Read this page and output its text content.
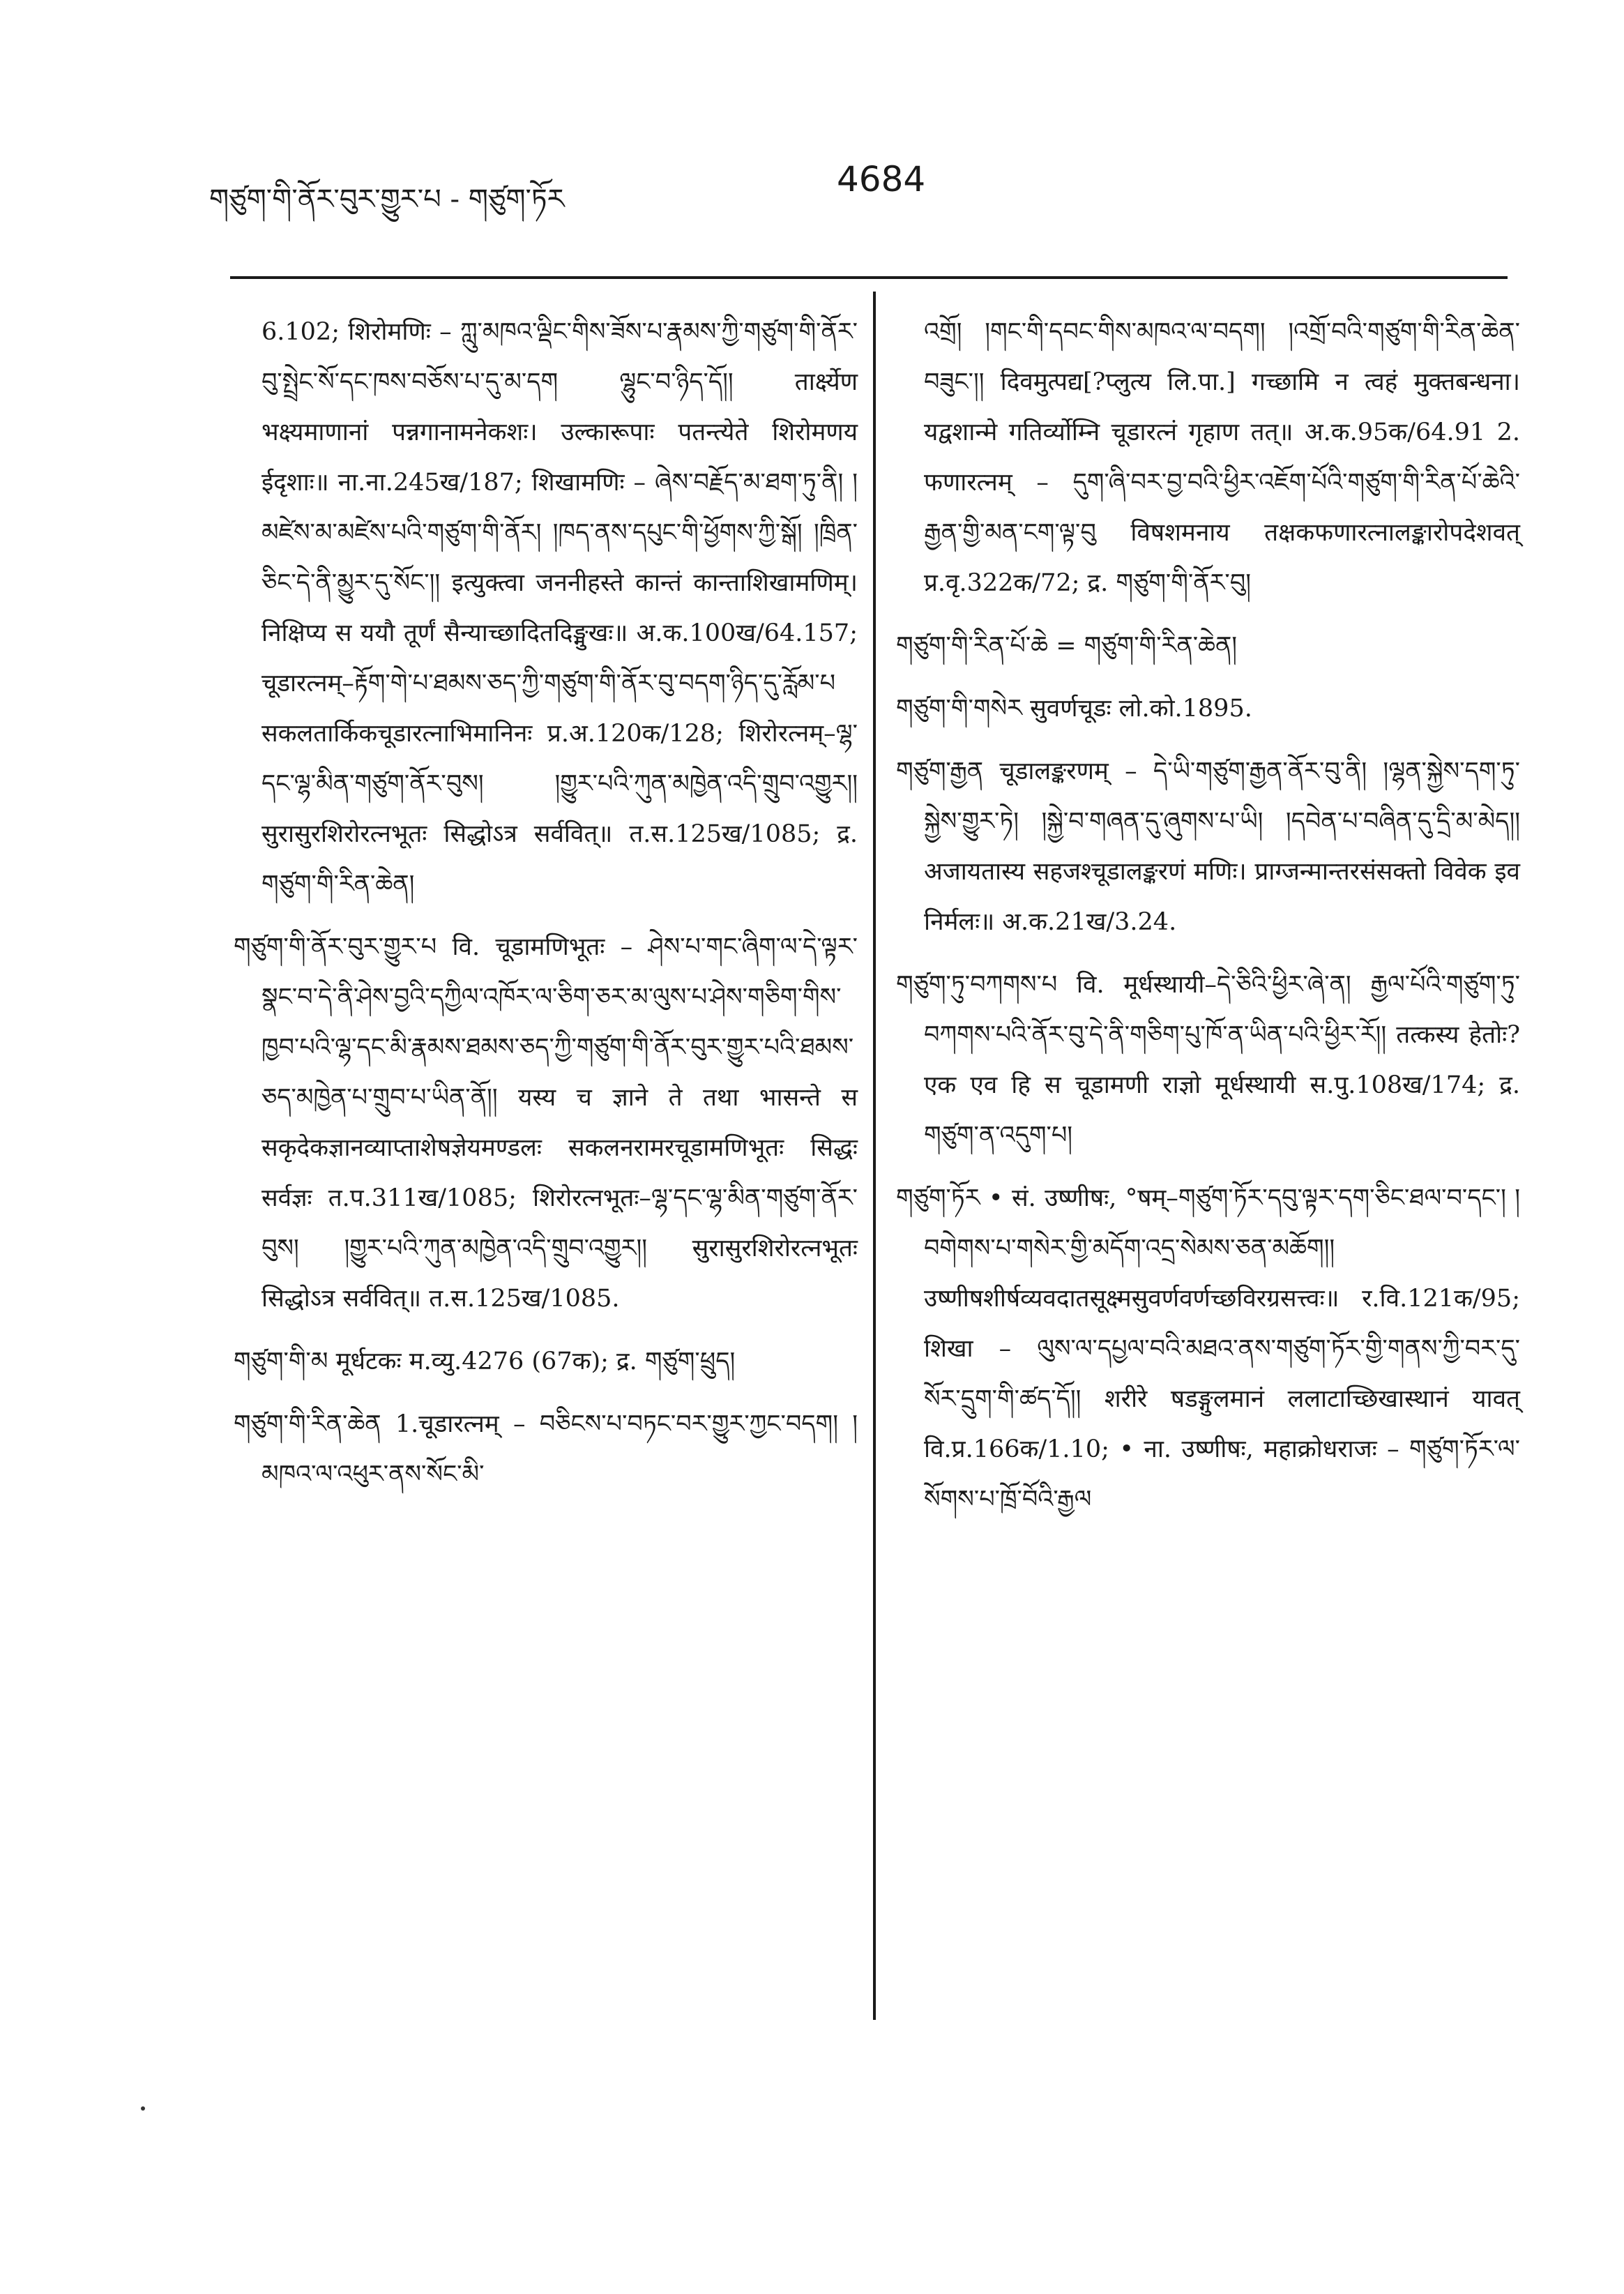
གཙུག་གི་ནོར་བུར་གྱུར་པ - གཙུག་ཏོར	4684

6.102; शिरोमणिः – ཀླུ་མཁའ་ལྡིང་གིས་ཟོས་པ་རྣམས་ཀྱི་གཙུག་གི་ནོར་བུ་སྤྲེང་སོ་དང་ཁས་བཅོས་པ་དུ་མ་དག ལྷུང་བ་ཉིད་དོ།། तार्क्ष्येण भक्ष्यमाणानां पन्नगानामनेकशः। उल्कारूपाः पतन्त्येते शिरोमणय ईदृशाः॥ ना.ना.245ख/187; शिखामणिः – ཞེས་བརྗོད་མ་ཐག་ཏུ་ནི། །མཛེས་མ་མཛེས་པའི་གཙུག་གི་ནོར། །ཁད་ནས་དཔུང་གི་ཕྱོགས་ཀྱི་སྒོ། །ཁྲིན་ཅིང་དེ་ནི་མྱུར་དུ་སོང་།། इत्युक्त्वा जननीहस्ते कान्तं कान्ताशिखामणिम्। निक्षिप्य स ययौ तूर्णं सैन्याच्छादितदिङ्मुखः॥ अ.क.100ख/64.157; चूडारत्नम्–རྟོག་གེ་པ་ཐམས་ཅད་ཀྱི་གཙུག་གི་ནོར་བུ་བདག་ཉིད་དུ་རློམ་པ सकलतार्किकचूडारत्नाभिमानिनः प्र.अ.120क/128; शिरोरत्नम्–ལྷ་དང་ལྷ་མིན་གཙུག་ནོར་བུས། །གྱུར་པའི་ཀུན་མཁྱེན་འདི་གྲུབ་འགྱུར།། सुरासुरशिरोरत्नभूतः सिद्धोऽत्र सर्ववित्॥ त.स.125ख/1085; द्र. གཙུག་གི་རིན་ཆེན།

གཙུག་གི་ནོར་བུར་གྱུར་པ वि. चूडामणिभूतः – ཤེས་པ་གང་ཞིག་ལ་དེ་ལྟར་སྣང་བ་དེ་ནི་ཤེས་བྱའི་དཀྱིལ་འཁོར་ལ་ཅིག་ཅར་མ་ལུས་པ་ཤེས་གཅིག་གིས་ཁྱབ་པའི་ལྷ་དང་མི་རྣམས་ཐམས་ཅད་ཀྱི་གཙུག་གི་ནོར་བུར་གྱུར་པའི་ཐམས་ཅད་མཁྱེན་པ་གྲུབ་པ་ཡིན་ནོ།། यस्य च ज्ञाने ते तथा भासन्ते स सकृदेकज्ञानव्याप्ताशेषज्ञेयमण्डलः सकलनरामरचूडामणिभूतः सिद्धः सर्वज्ञः त.प.311ख/1085; शिरोरत्नभूतः–ལྷ་དང་ལྷ་མིན་གཙུག་ནོར་བུས། །གྱུར་པའི་ཀུན་མཁྱེན་འདི་གྲུབ་འགྱུར།། सुरासुरशिरोरत्नभूतः सिद्धोऽत्र सर्ववित्॥ त.स.125ख/1085.

གཙུག་གི་མ मूर्धटकः म.व्यु.4276 (67क); द्र. གཙུག་ཕྲུད།

གཙུག་གི་རིན་ཆེན 1.चूडारत्नम् – བཅིངས་པ་བཏང་བར་གྱུར་ཀྱང་བདག། །མཁའ་ལ་འཕུར་ནས་སོང་མི་

འགྲོ། །གང་གི་དབང་གིས་མཁའ་ལ་བདག། །འགྲོ་བའི་གཙུག་གི་རིན་ཆེན་བཟུང་།། दिवमुत्पद्य[?प्लुत्य लि.पा.] गच्छामि न त्वहं मुक्तबन्धना। यद्वशान्मे गतिर्व्योम्नि चूडारत्नं गृहाण तत्॥ अ.क.95क/64.91 2. फणारत्नम् – དུག་ཞི་བར་བྱ་བའི་ཕྱིར་འཇོག་པོའི་གཙུག་གི་རིན་པོ་ཆེའི་རྒྱན་གྱི་མན་ངག་ལྟ་བུ विषशमनाय तक्षकफणारत्नालङ्कारोपदेशवत् प्र.वृ.322क/72; द्र. གཙུག་གི་ནོར་བུ།

གཙུག་གི་རིན་པོ་ཆེ = གཙུག་གི་རིན་ཆེན།

གཙུག་གི་གསེར सुवर्णचूडः लो.को.1895.

གཙུག་རྒྱན चूडालङ्करणम् – དེ་ཡི་གཙུག་རྒྱན་ནོར་བུ་ནི། །ལྷན་སྐྱེས་དག་ཏུ་སྐྱེས་གྱུར་ཏེ། །སྐྱེ་བ་གཞན་དུ་ཞུགས་པ་ཡི། །དབེན་པ་བཞིན་དུ་དྲི་མ་མེད།། अजायतास्य सहजश्चूडालङ्करणं मणिः। प्राग्जन्मान्तरसंसक्तो विवेक इव निर्मलः॥ अ.क.21ख/3.24.

གཙུག་ཏུ་བཀགས་པ वि. मूर्धस्थायी–དེ་ཅིའི་ཕྱིར་ཞེ་ན། རྒྱལ་པོའི་གཙུག་ཏུ་བཀགས་པའི་ནོར་བུ་དེ་ནི་གཅིག་པུ་ཁོ་ན་ཡིན་པའི་ཕྱིར་རོ།། तत्कस्य हेतोः? एक एव हि स चूडामणी राज्ञो मूर्धस्थायी स.पु.108ख/174; द्र. གཙུག་ན་འདུག་པ།

གཙུག་ཏོར • सं. उष्णीषः, °षम्–གཙུག་ཏོར་དབུ་ལྟར་དག་ཅིང་ཐལ་བ་དང་། །བགེགས་པ་གསེར་གྱི་མདོག་འདྲ་སེམས་ཅན་མཆོག།། उष्णीषशीर्षव्यवदातसूक्ष्मसुवर्णवर्णच्छविरग्रसत्त्वः॥ र.वि.121क/95; शिखा – ལུས་ལ་དཔྱལ་བའི་མཐའ་ནས་གཙུག་ཏོར་གྱི་གནས་ཀྱི་བར་དུ་སོར་དྲུག་གི་ཚད་དོ།། शरीरे षडङ्गुलमानं ललाटाच्छिखास्थानं यावत् वि.प्र.166क/1.10; • ना. उष्णीषः, महाक्रोधराजः – གཙུག་ཏོར་ལ་སོགས་པ་ཁྲོ་བོའི་རྒྱལ
